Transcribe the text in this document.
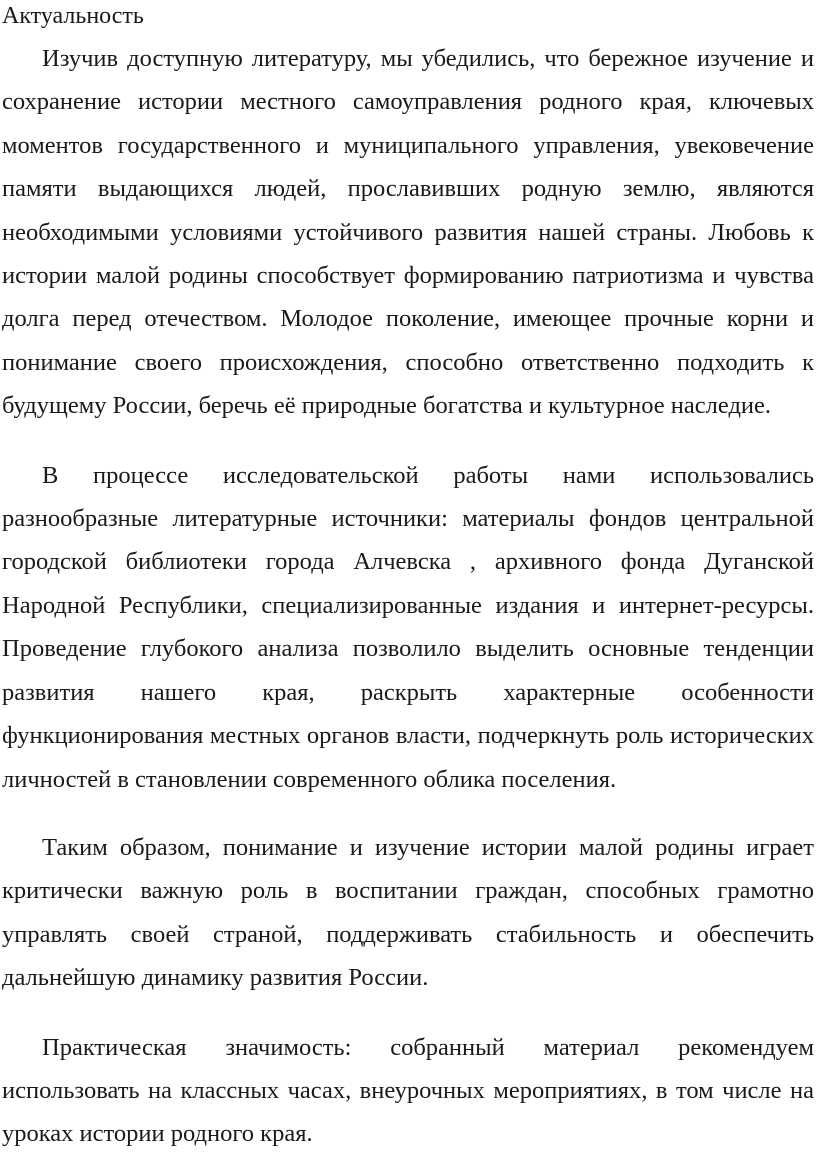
Актуальность

Изучив доступную литературу, мы убедились, что бережное изучение и сохранение истории местного самоуправления родного края, ключевых моментов государственного и муниципального управления, увековечение памяти выдающихся людей, прославивших родную землю, являются необходимыми условиями устойчивого развития нашей страны. Любовь к истории малой родины способствует формированию патриотизма и чувства долга перед отечеством. Молодое поколение, имеющее прочные корни и понимание своего происхождения, способно ответственно подходить к будущему России, беречь её природные богатства и культурное наследие.

В процессе исследовательской работы нами использовались разнообразные литературные источники: материалы фондов центральной городской библиотеки города Алчевска , архивного фонда Дуганской Народной Республики, специализированные издания и интернет-ресурсы. Проведение глубокого анализа позволило выделить основные тенденции развития нашего края, раскрыть характерные особенности функционирования местных органов власти, подчеркнуть роль исторических личностей в становлении современного облика поселения.

Таким образом, понимание и изучение истории малой родины играет критически важную роль в воспитании граждан, способных грамотно управлять своей страной, поддерживать стабильность и обеспечить дальнейшую динамику развития России.

Практическая значимость: собранный материал рекомендуем использовать на классных часах, внеурочных мероприятиях, в том числе на уроках истории родного края.
